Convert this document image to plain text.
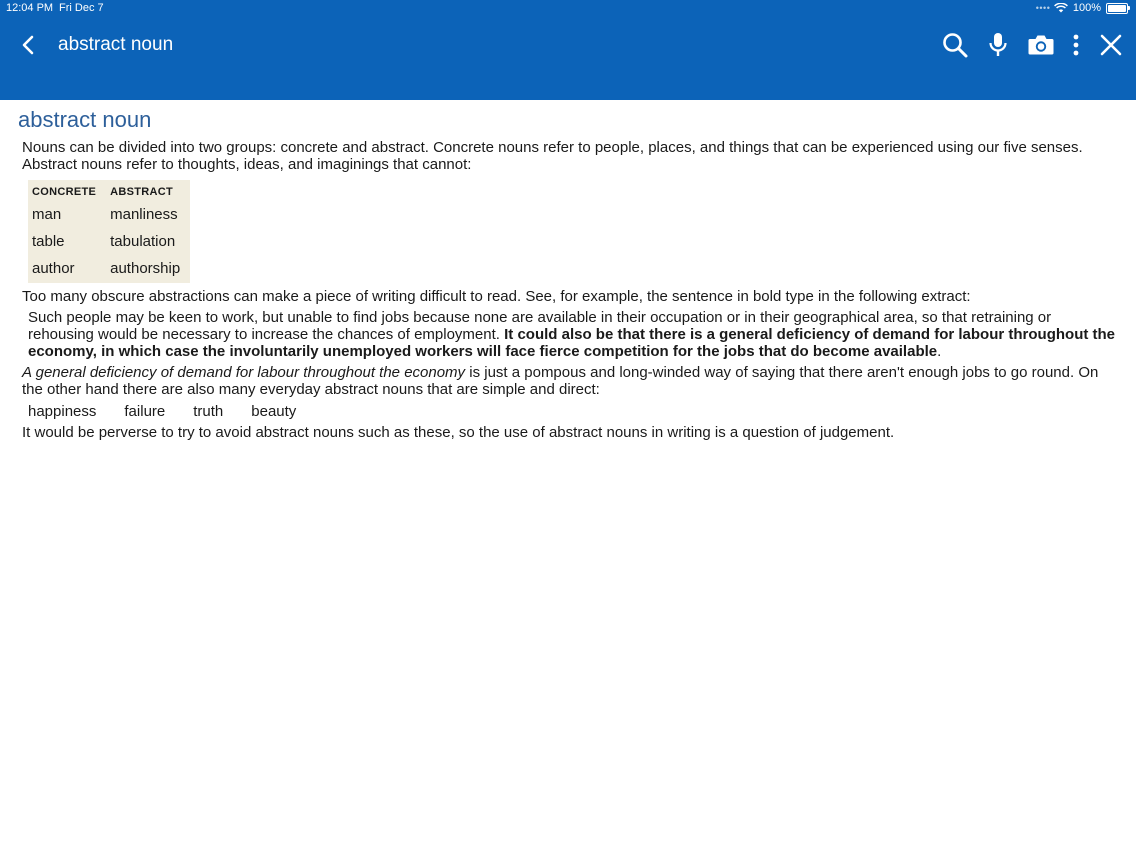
12:04 PM Fri Dec 7	• • • • 100%
abstract noun
abstract noun

Nouns can be divided into two groups: concrete and abstract. Concrete nouns refer to people, places, and things that can be experienced using our five senses. Abstract nouns refer to thoughts, ideas, and imaginings that cannot:

CONCRETE	ABSTRACT
man	manliness
table	tabulation
author	authorship

Too many obscure abstractions can make a piece of writing difficult to read. See, for example, the sentence in bold type in the following extract:

Such people may be keen to work, but unable to find jobs because none are available in their occupation or in their geographical area, so that retraining or rehousing would be necessary to increase the chances of employment. It could also be that there is a general deficiency of demand for labour throughout the economy, in which case the involuntarily unemployed workers will face fierce competition for the jobs that do become available.

A general deficiency of demand for labour throughout the economy is just a pompous and long-winded way of saying that there aren't enough jobs to go round. On the other hand there are also many everyday abstract nouns that are simple and direct:

happiness failure truth beauty

It would be perverse to try to avoid abstract nouns such as these, so the use of abstract nouns in writing is a question of judgement.
